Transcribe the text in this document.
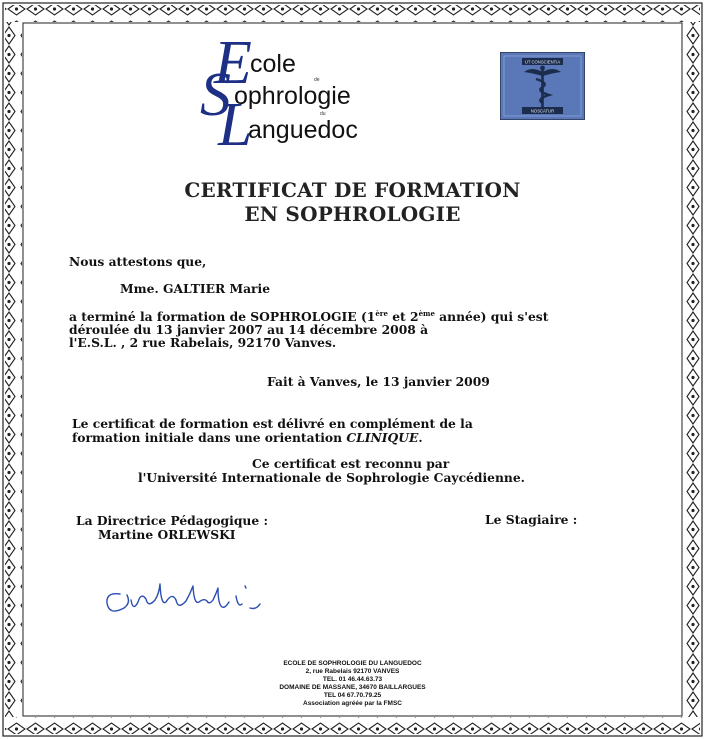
E
cole
de
S ophrologie
du
L
anguedoc
UT CONSCIENTIA
NOSCATUR
CERTIFICAT DE FORMATION
EN SOPHROLOGIE
Nous attestons que,
Mme. GALTIER Marie
a terminé la formation de SOPHROLOGIE (1ère et 2ème année) qui s'est
déroulée du 13 janvier 2007 au 14 décembre 2008 à
l'E.S.L. , 2 rue Rabelais, 92170 Vanves.
Fait à Vanves, le 13 janvier 2009
Le certificat de formation est délivré en complément de la
formation initiale dans une orientation CLINIQUE.
Ce certificat est reconnu par
l'Université Internationale de Sophrologie Caycédienne.
La Directrice Pédagogique :
Martine ORLEWSKI
Le Stagiaire :
ECOLE DE SOPHROLOGIE DU LANGUEDOC
2, rue Rabelais 92170 VANVES
TEL. 01 46.44.63.73
DOMAINE DE MASSANE, 34670 BAILLARGUES
TEL 04 67.70.79.25
Association agréée par la FMSC
